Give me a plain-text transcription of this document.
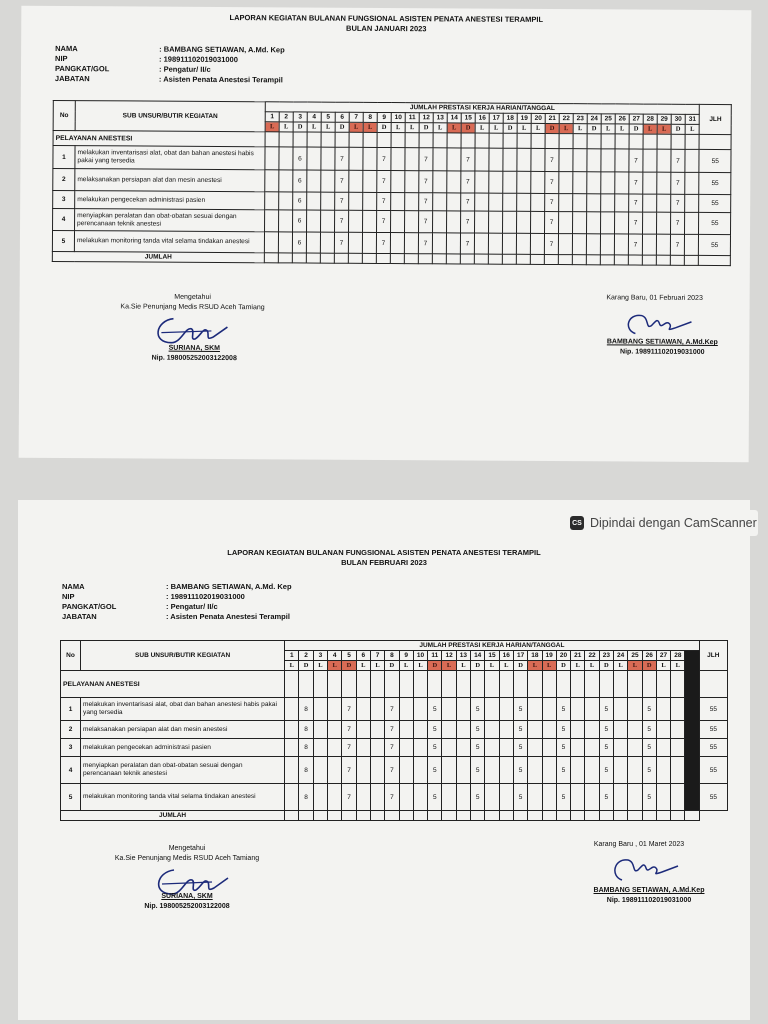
LAPORAN KEGIATAN BULANAN FUNGSIONAL ASISTEN PENATA ANESTESI TERAMPIL
BULAN JANUARI 2023
NAMA	: BAMBANG SETIAWAN, A.Md. Kep
NIP	: 198911102019031000
PANGKAT/GOL	: Pengatur/ II/c
JABATAN	: Asisten Penata Anestesi Terampil
No	SUB UNSUR/BUTIR KEGIATAN	JUMLAH PRESTASI KERJA HARIAN/TANGGAL																															JLH
		1	2	3	4	5	6	7	8	9	10	11	12	13	14	15	16	17	18	19	20	21	22	23	24	25	26	27	28	29	30	31	
		L	L	D	L	L	D	L	L	D	L	L	D	L	L	D	L	L	D	L	L	D	L	L	D	L	L	D	L	L	D	L	
PELAYANAN ANESTESI																																	
1	melakukan inventarisasi alat, obat dan bahan anestesi habis pakai yang tersedia			6			7			7			7			7						7						7			7		55
2	melaksanakan persiapan alat dan mesin anestesi			6			7			7			7			7						7						7			7		55
3	melakukan pengecekan administrasi pasien			6			7			7			7			7						7						7			7		55
4	menyiapkan peralatan dan obat-obatan sesuai dengan perencanaan teknik anestesi			6			7			7			7			7						7						7			7		55
5	melakukan monitoring tanda vital selama tindakan anestesi			6			7			7			7			7						7						7			7		55
JUMLAH																																	
Mengetahui
Ka.Sie Penunjang Medis RSUD Aceh Tamiang
SURIANA, SKM
Nip. 198005252003122008
Karang Baru, 01 Februari 2023
BAMBANG SETIAWAN, A.Md.Kep
Nip. 198911102019031000
LAPORAN KEGIATAN BULANAN FUNGSIONAL ASISTEN PENATA ANESTESI TERAMPIL
BULAN FEBRUARI 2023
NAMA	: BAMBANG SETIAWAN, A.Md. Kep
NIP	: 198911102019031000
PANGKAT/GOL	: Pengatur/ II/c
JABATAN	: Asisten Penata Anestesi Terampil
No	SUB UNSUR/BUTIR KEGIATAN	JUMLAH PRESTASI KERJA HARIAN/TANGGAL																													JLH
		1	2	3	4	5	6	7	8	9	10	11	12	13	14	15	16	17	18	19	20	21	22	23	24	25	26	27	28		
		L	D	L	L	D	L	L	D	L	L	D	L	L	D	L	L	D	L	L	D	L	L	D	L	L	D	L	L		
PELAYANAN ANESTESI																															
1	melakukan inventarisasi alat, obat dan bahan anestesi habis pakai yang tersedia		8			7			7			5			5			5			5			5			5				55
2	melaksanakan persiapan alat dan mesin anestesi		8			7			7			5			5			5			5			5			5				55
3	melakukan pengecekan administrasi pasien		8			7			7			5			5			5			5			5			5				55
4	menyiapkan peralatan dan obat-obatan sesuai dengan perencanaan teknik anestesi		8			7			7			5			5			5			5			5			5				55
5	melakukan monitoring tanda vital selama tindakan anestesi		8			7			7			5			5			5			5			5			5				55
JUMLAH																															
Mengetahui
Ka.Sie Penunjang Medis RSUD Aceh Tamiang
SURIANA, SKM
Nip. 198005252003122008
Karang Baru , 01 Maret 2023
BAMBANG SETIAWAN, A.Md.Kep
Nip. 198911102019031000
CS Dipindai dengan CamScanner
